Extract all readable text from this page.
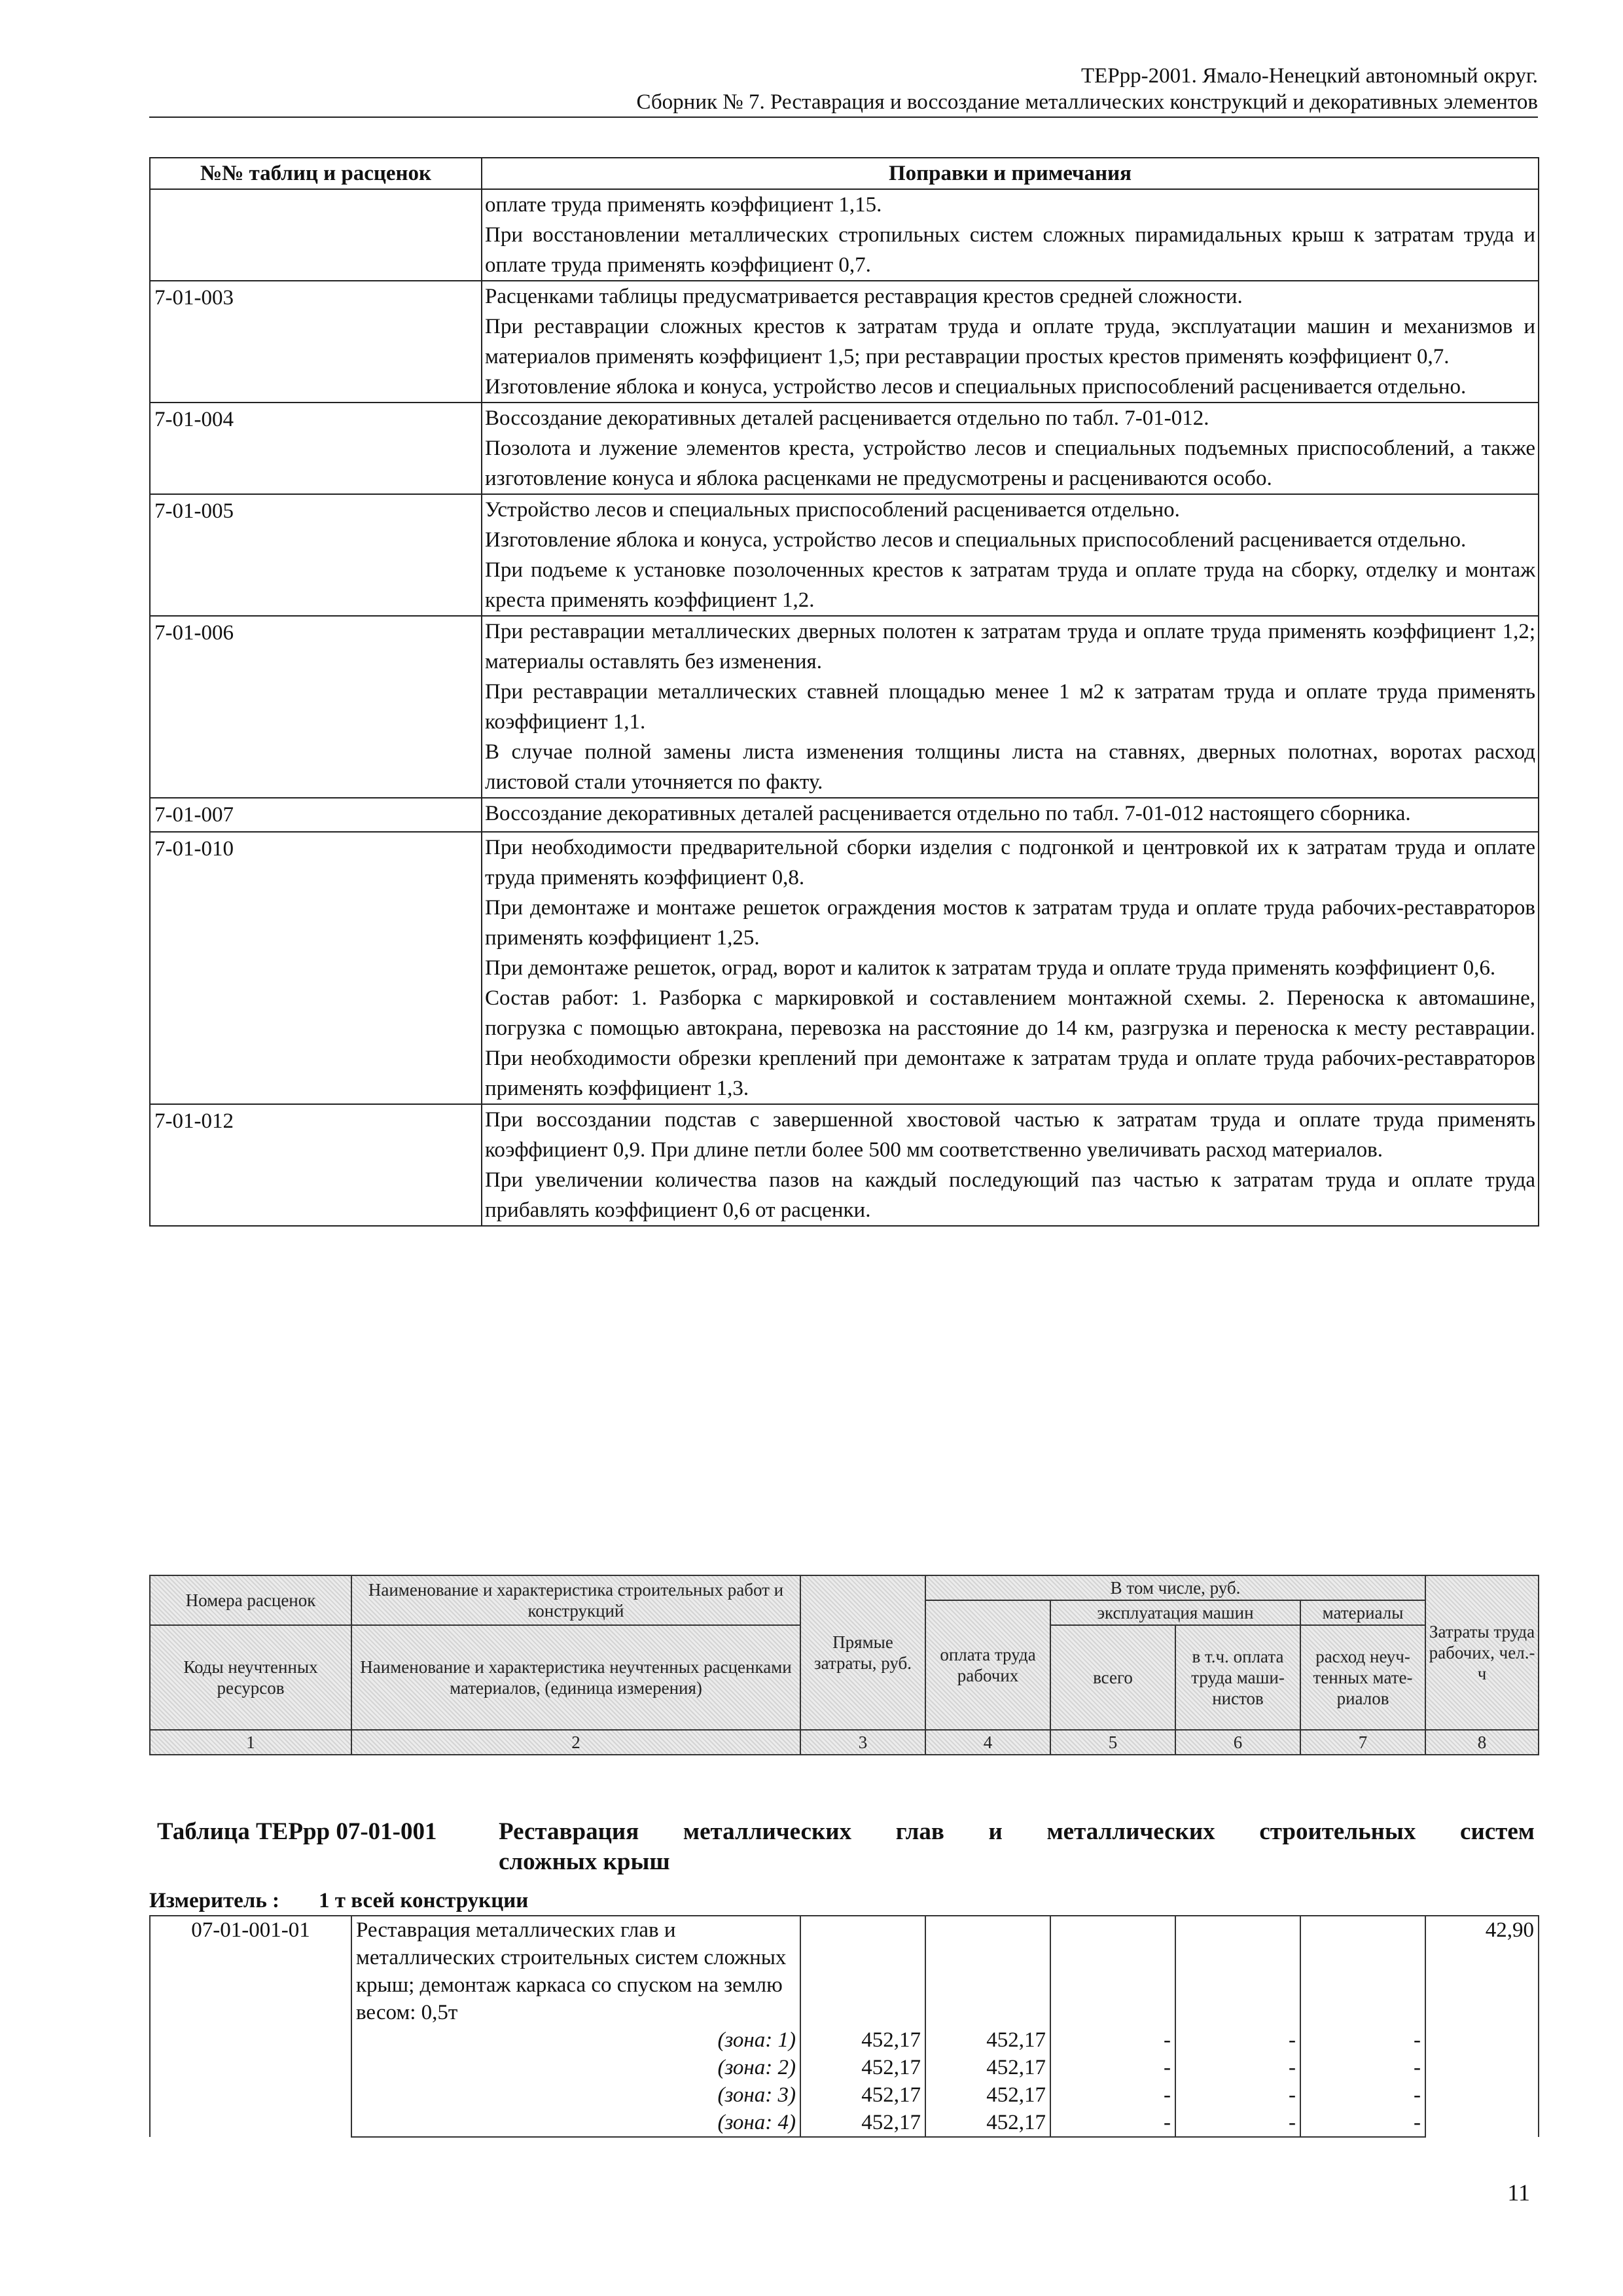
ТЕРрр-2001. Ямало-Ненецкий автономный округ.
Сборник № 7. Реставрация и воссоздание металлических конструкций и декоративных элементов
№№ таблиц и расценок	Поправки и примечания

	оплате труда применять коэффициент 1,15.

При восстановлении металлических стропильных систем сложных пирамидальных крыш к затратам труда и оплате труда применять коэффициент 0,7.

7-01-003	Расценками таблицы предусматривается реставрация крестов средней сложности.

При реставрации сложных крестов к затратам труда и оплате труда, эксплуатации машин и механизмов и материалов применять коэффициент 1,5; при реставрации простых крестов применять коэффициент 0,7.

Изготовление яблока и конуса, устройство лесов и специальных приспособлений расценивается отдельно.

7-01-004	Воссоздание декоративных деталей расценивается отдельно по табл. 7-01-012.

Позолота и лужение элементов креста, устройство лесов и специальных подъемных приспособлений, а также изготовление конуса и яблока расценками не предусмотрены и расцениваются особо.

7-01-005	Устройство лесов и специальных приспособлений расценивается отдельно.

Изготовление яблока и конуса, устройство лесов и специальных приспособлений расценивается отдельно.

При подъеме к установке позолоченных крестов к затратам труда и оплате труда на сборку, отделку и монтаж креста применять коэффициент 1,2.

7-01-006	При реставрации металлических дверных полотен к затратам труда и оплате труда применять коэффициент 1,2; материалы оставлять без изменения.

При реставрации металлических ставней площадью менее 1 м2 к затратам труда и оплате труда применять коэффициент 1,1.

В случае полной замены листа изменения толщины листа на ставнях, дверных полотнах, воротах расход листовой стали уточняется по факту.

7-01-007	Воссоздание декоративных деталей расценивается отдельно по табл. 7-01-012 настоящего сборника.

7-01-010	При необходимости предварительной сборки изделия с подгонкой и центровкой их к затратам труда и оплате труда применять коэффициент 0,8.

При демонтаже и монтаже решеток ограждения мостов к затратам труда и оплате труда рабочих-реставраторов применять коэффициент 1,25.

При демонтаже решеток, оград, ворот и калиток к затратам труда и оплате труда применять коэффициент 0,6.

Состав работ: 1. Разборка с маркировкой и составлением монтажной схемы. 2. Переноска к автомашине, погрузка с помощью автокрана, перевозка на расстояние до 14 км, разгрузка и переноска к месту реставрации. При необходимости обрезки креплений при демонтаже к затратам труда и оплате труда рабочих-реставраторов применять коэффициент 1,3.

7-01-012	При воссоздании подстав с завершенной хвостовой частью к затратам труда и оплате труда применять коэффициент 0,9. При длине петли более 500 мм соответственно увеличивать расход материалов.

При увеличении количества пазов на каждый последующий паз частью к затратам труда и оплате труда прибавлять коэффициент 0,6 от расценки.

Номера расценок	Наименование и характеристика строительных работ и конструкций	Прямые затраты, руб.	В том числе, руб.				Затраты труда рабочих, чел.-ч
			оплата труда рабочих	эксплуатация машин		материалы	
Коды неучтенных ресурсов	Наименование и характеристика неучтенных расценками материалов, (единица измерения)			всего	в т.ч. оплата труда маши-нистов	расход неуч-тенных мате-риалов	

1	2	3	4	5	6	7	8
Таблица ТЕРрр 07-01-001	Реставрация металлических глав и металлических строительных систем
сложных крыш
Измеритель : 1 т всей конструкции
07-01-001-01	Реставрация металлических глав и металлических строительных систем сложных крыш; демонтаж каркаса со спуском на землю весом: 0,5т						42,90
	(зона: 1)	452,17	452,17	-	-	-	
	(зона: 2)	452,17	452,17	-	-	-	
	(зона: 3)	452,17	452,17	-	-	-	
	(зона: 4)	452,17	452,17	-	-	-	
11
